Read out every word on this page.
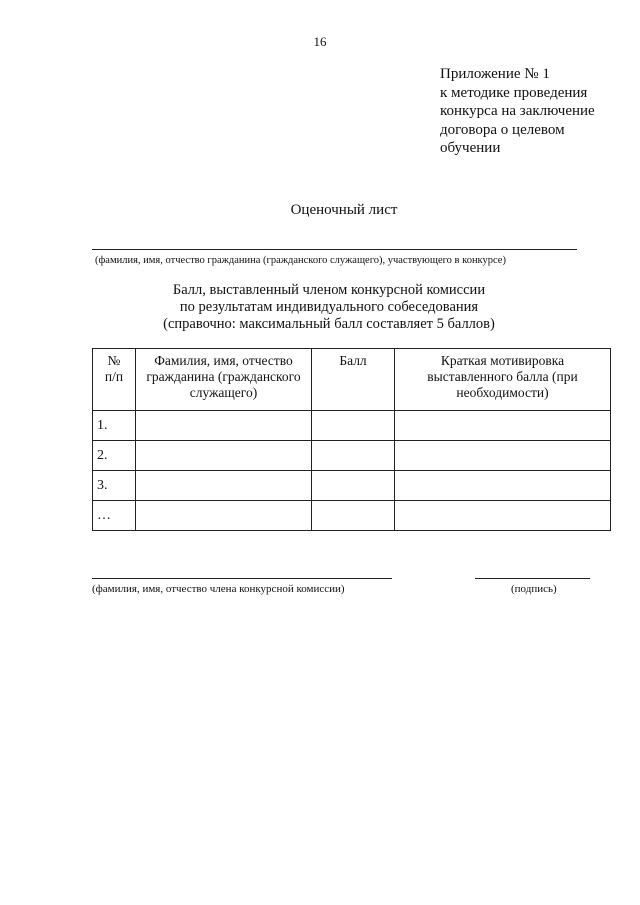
16
Приложение № 1
к методике проведения
конкурса на заключение
договора о целевом
обучении
Оценочный лист
(фамилия, имя, отчество гражданина (гражданского служащего), участвующего в конкурсе)
Балл, выставленный членом конкурсной комиссии
по результатам индивидуального собеседования
(справочно: максимальный балл составляет 5 баллов)
№
п/п	Фамилия, имя, отчество
гражданина (гражданского
служащего)	Балл	Краткая мотивировка
выставленного балла (при
необходимости)

1.			
2.			
3.			
…			
(фамилия, имя, отчество члена конкурсной комиссии)	(подпись)
